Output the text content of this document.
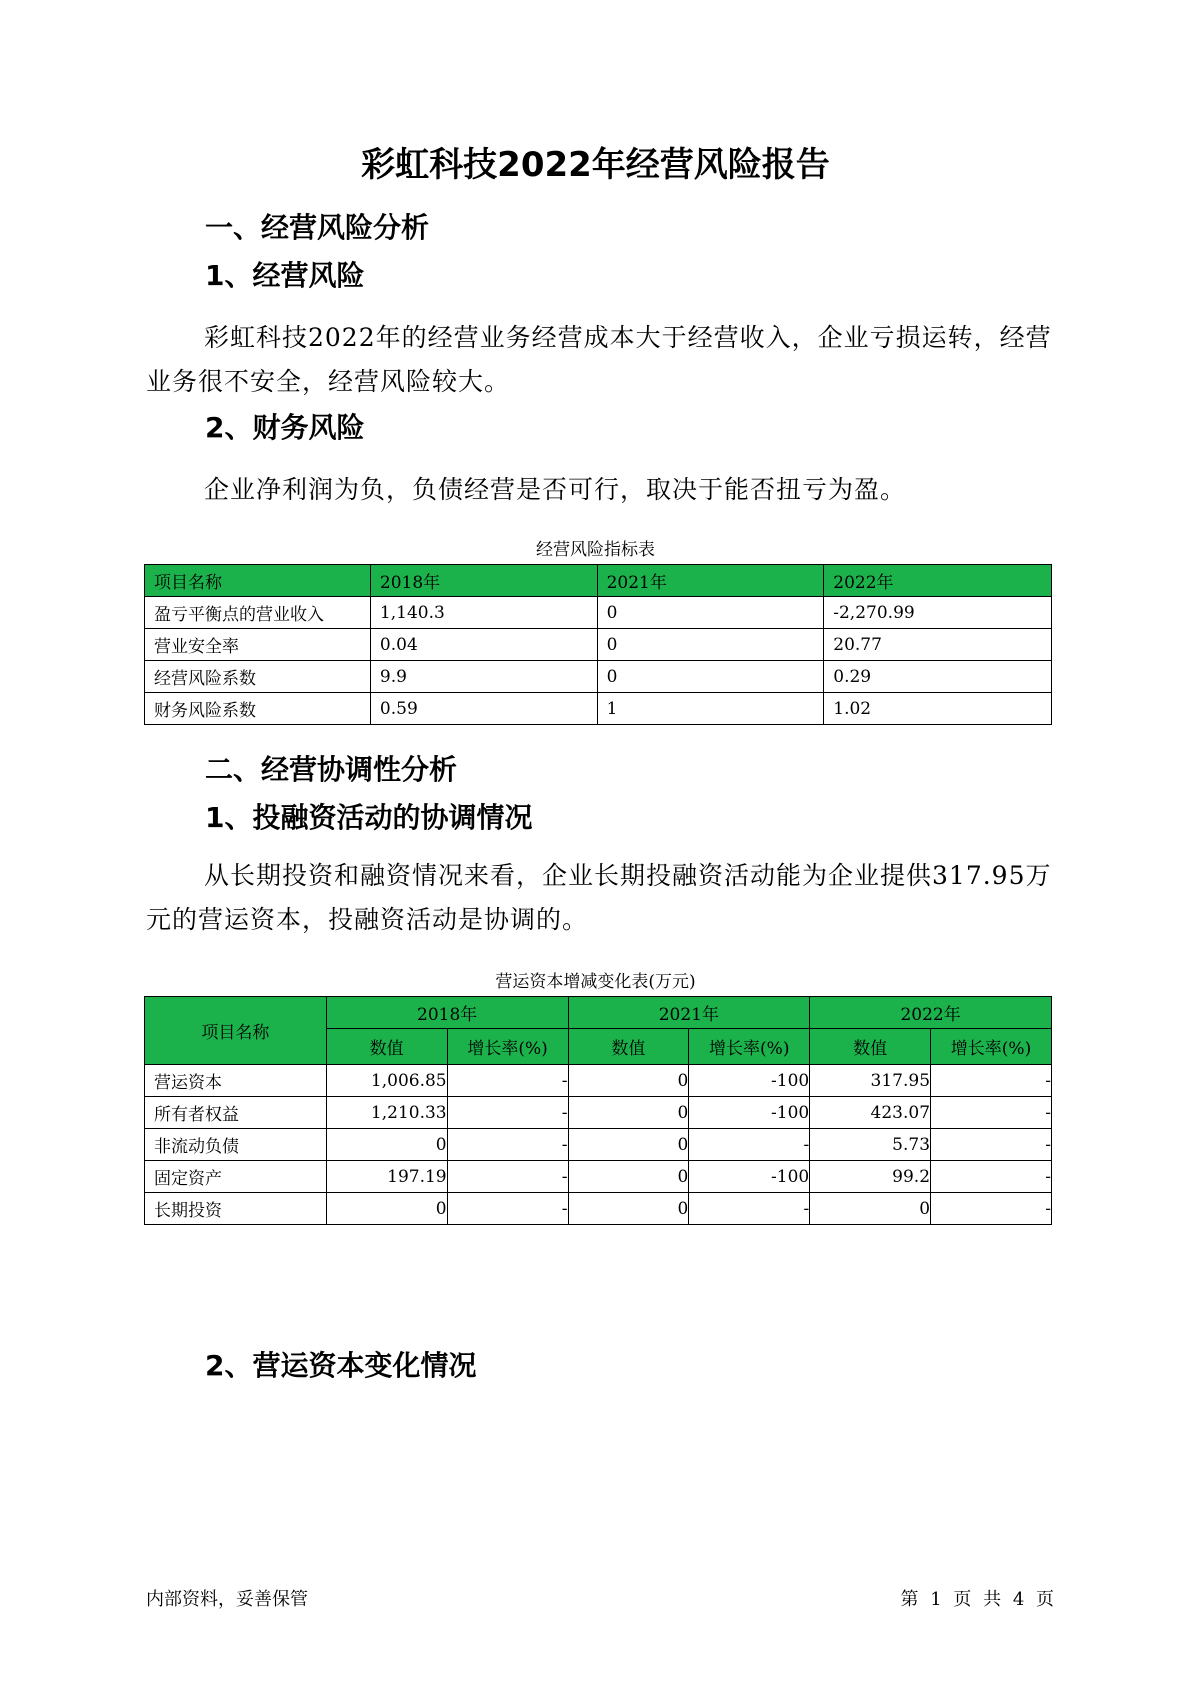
彩虹科技2022年经营风险报告
一、经营风险分析
1、经营风险
彩虹科技2022年的经营业务经营成本大于经营收入，企业亏损运转，经营业务很不安全，经营风险较大。
2、财务风险
企业净利润为负，负债经营是否可行，取决于能否扭亏为盈。
经营风险指标表
项目名称	2018年	2021年	2022年
盈亏平衡点的营业收入	1,140.3	0	-2,270.99
营业安全率	0.04	0	20.77
经营风险系数	9.9	0	0.29
财务风险系数	0.59	1	1.02
二、经营协调性分析
1、投融资活动的协调情况
从长期投资和融资情况来看，企业长期投融资活动能为企业提供317.95万元的营运资本，投融资活动是协调的。
营运资本增减变化表(万元)
项目名称	2018年		2021年		2022年	
	数值	增长率(%)	数值	增长率(%)	数值	增长率(%)
营运资本	1,006.85	-	0	-100	317.95	-
所有者权益	1,210.33	-	0	-100	423.07	-
非流动负债	0	-	0	-	5.73	-
固定资产	197.19	-	0	-100	99.2	-
长期投资	0	-	0	-	0	-
2、营运资本变化情况
内部资料，妥善保管	第 1 页 共 4 页
